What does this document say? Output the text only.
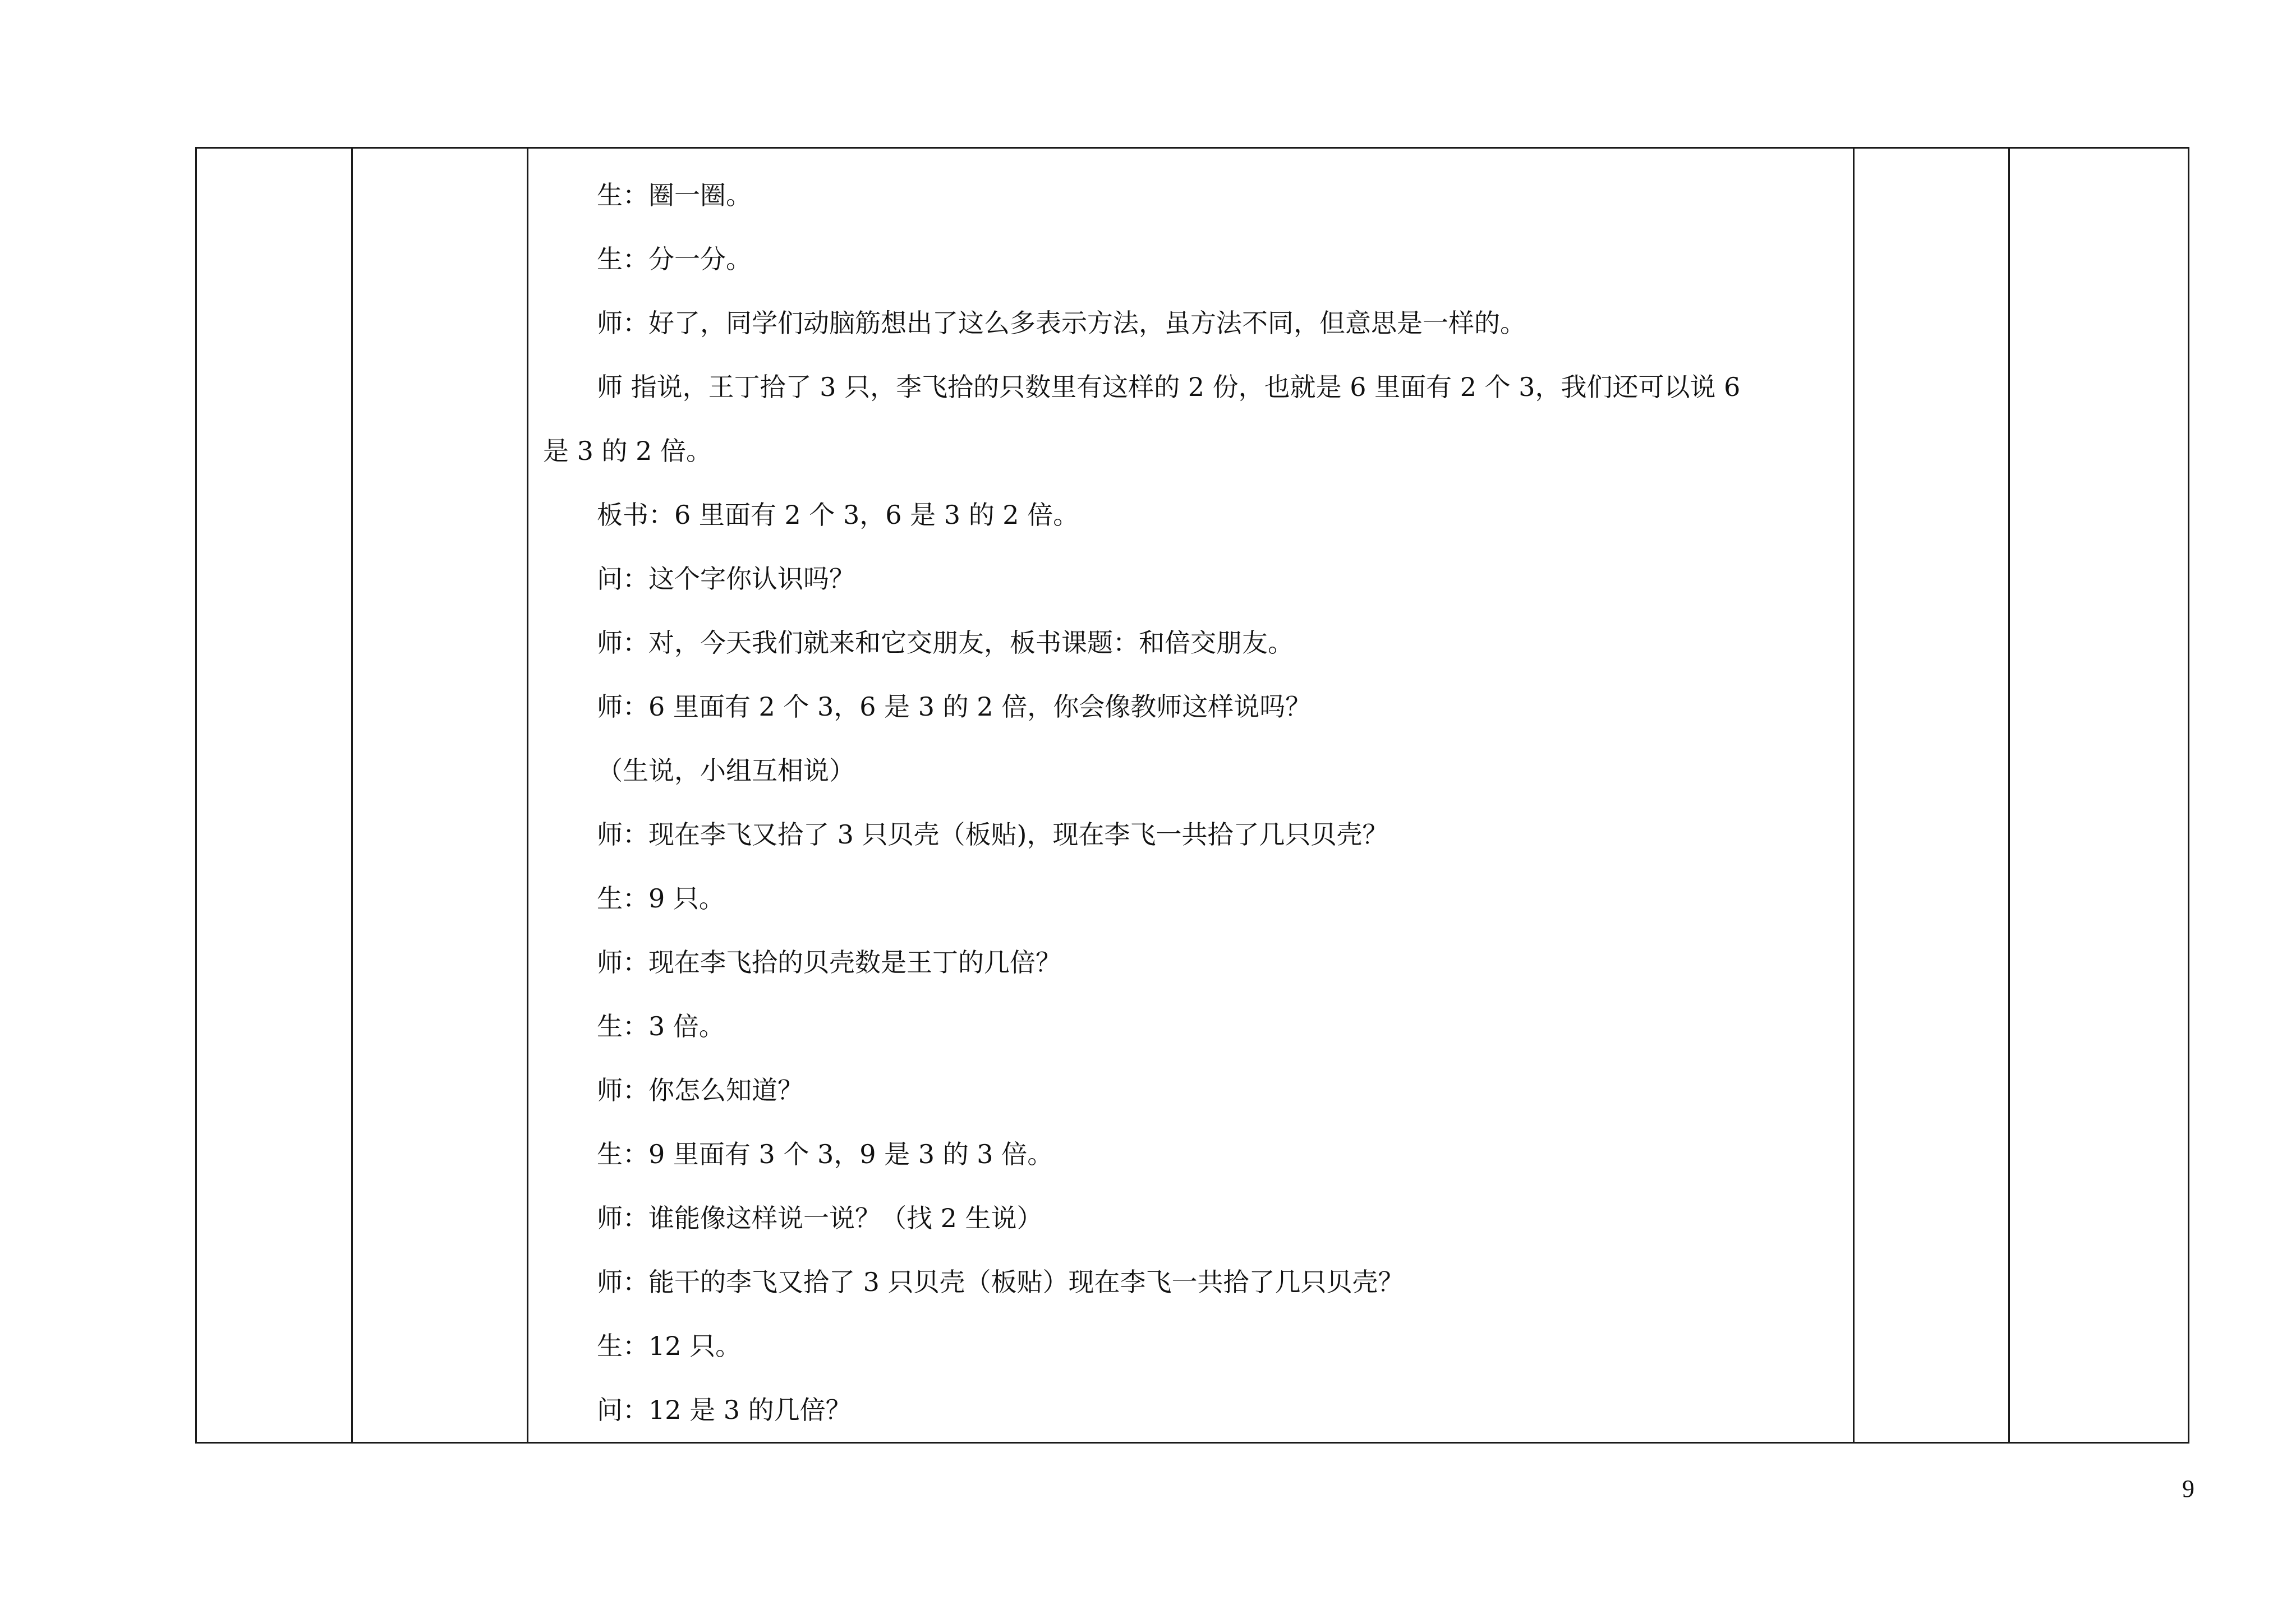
生：圈一圈。
生：分一分。
师：好了，同学们动脑筋想出了这么多表示方法，虽方法不同，但意思是一样的。
师 指说，王丁拾了 3 只，李飞拾的只数里有这样的 2 份，也就是 6 里面有 2 个 3，我们还可以说 6
是 3 的 2 倍。
板书：6 里面有 2 个 3，6 是 3 的 2 倍。
问：这个字你认识吗？
师：对，今天我们就来和它交朋友，板书课题：和倍交朋友。
师：6 里面有 2 个 3，6 是 3 的 2 倍，你会像教师这样说吗？
（生说，小组互相说）
师：现在李飞又拾了 3 只贝壳（板贴)，现在李飞一共拾了几只贝壳？
生：9 只。
师：现在李飞拾的贝壳数是王丁的几倍？
生：3 倍。
师：你怎么知道？
生：9 里面有 3 个 3，9 是 3 的 3 倍。
师：谁能像这样说一说？（找 2 生说）
师：能干的李飞又拾了 3 只贝壳（板贴）现在李飞一共拾了几只贝壳？
生：12 只。
问：12 是 3 的几倍？

9
